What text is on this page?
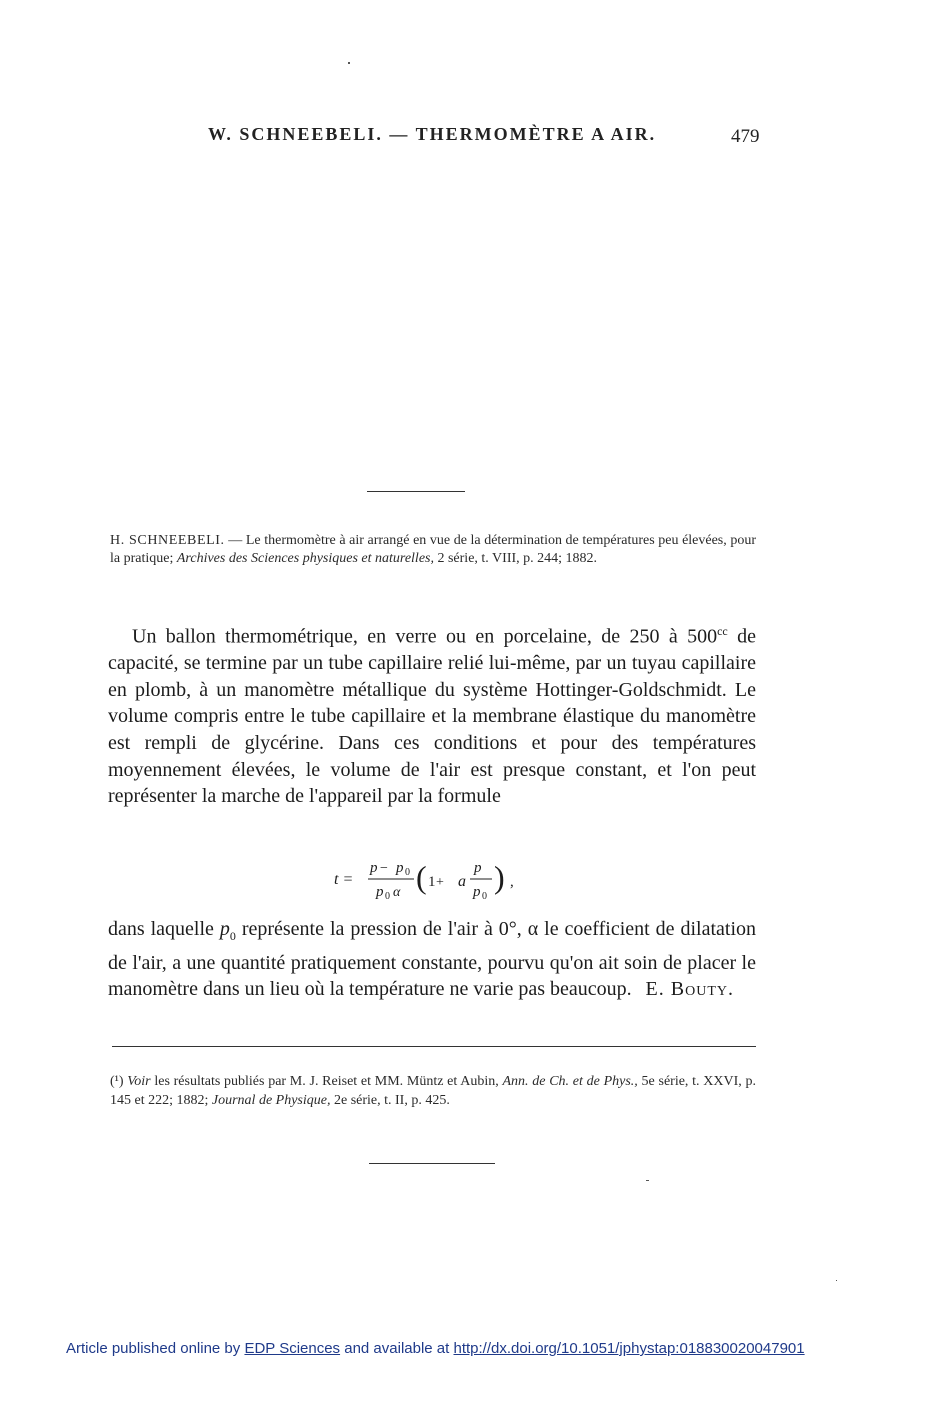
W. SCHNEEBELI. — THERMOMÈTRE A AIR.	479
H. SCHNEEBELI. — Le thermomètre à air arrangé en vue de la détermination de températures peu élevées, pour la pratique; Archives des Sciences physiques et naturelles, 2 série, t. VIII, p. 244; 1882.

Un ballon thermométrique, en verre ou en porcelaine, de 250 à $500^{cc}$ de capacité, se termine par un tube capillaire relié lui-même, par un tuyau capillaire en plomb, à un manomètre métallique du système Hottinger-Goldschmidt. Le volume compris entre le tube capillaire et la membrane élastique du manomètre est rempli de glycérine. Dans ces conditions et pour des températures moyennement élevées, le volume de l'air est presque constant, et l'on peut représenter la marche de l'appareil par la formule

t =
p − p 0
p 0 α ( 1 + a
p
p 0
) ,

dans laquelle $p_0$ représente la pression de l'air à 0°, α le coefficient de dilatation de l'air, a une quantité pratiquement constante, pourvu qu'on ait soin de placer le manomètre dans un lieu où la température ne varie pas beaucoup. E. Bouty.

(¹) Voir les résultats publiés par M. J. Reiset et MM. Müntz et Aubin, Ann. de Ch. et de Phys., 5e série, t. XXVI, p. 145 et 222; 1882; Journal de Physique, 2e série, t. II, p. 425.
Article published online by EDP Sciences and available at http://dx.doi.org/10.1051/jphystap:018830020047901
